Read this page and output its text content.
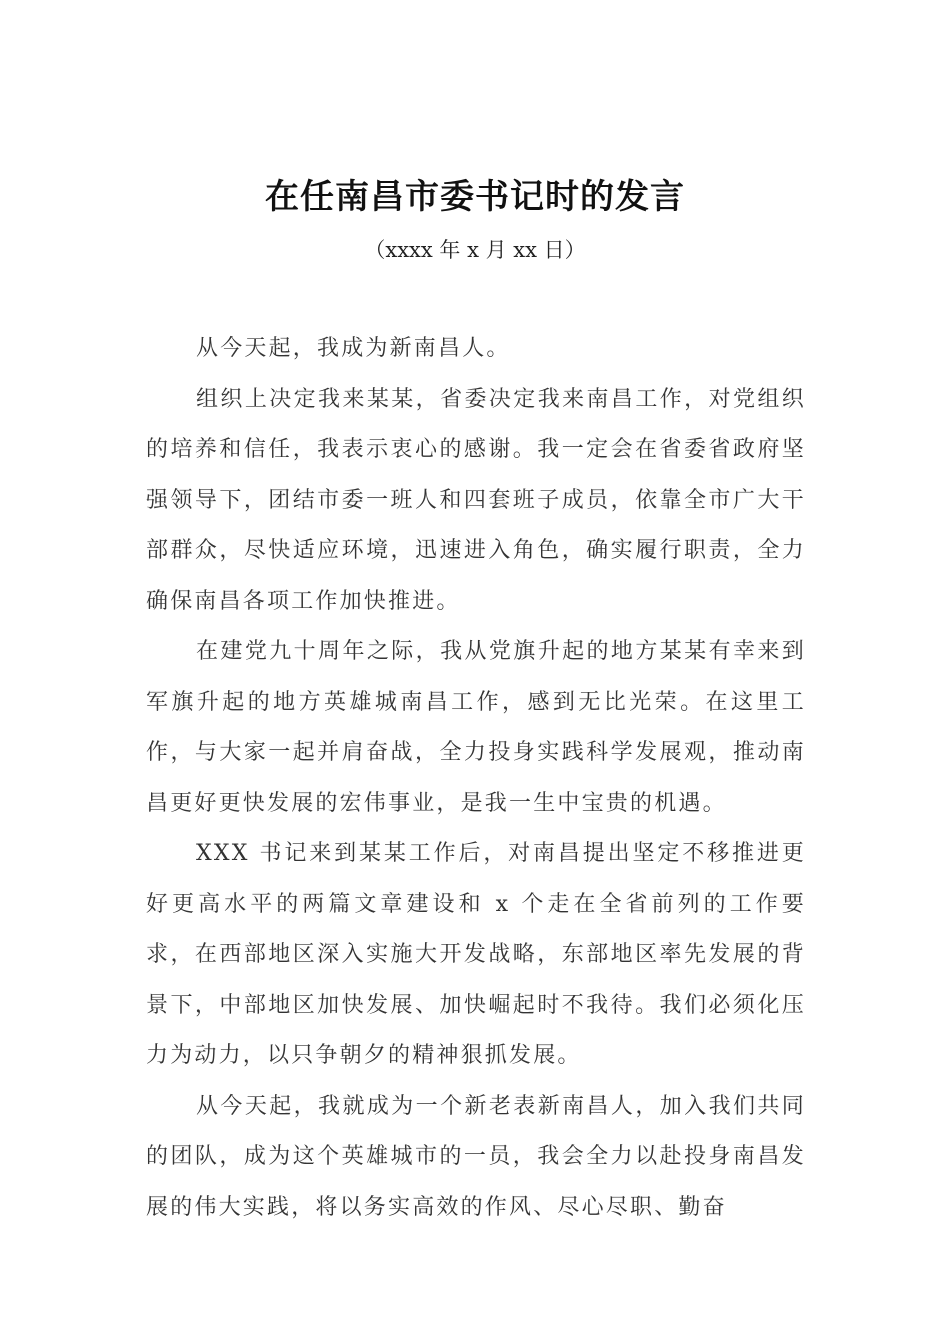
在任南昌市委书记时的发言

（xxxx 年 x 月 xx 日）

从今天起，我成为新南昌人。

组织上决定我来某某，省委决定我来南昌工作，对党组织的培养和信任，我表示衷心的感谢。我一定会在省委省政府坚强领导下，团结市委一班人和四套班子成员，依靠全市广大干部群众，尽快适应环境，迅速进入角色，确实履行职责，全力确保南昌各项工作加快推进。

在建党九十周年之际，我从党旗升起的地方某某有幸来到军旗升起的地方英雄城南昌工作，感到无比光荣。在这里工作，与大家一起并肩奋战，全力投身实践科学发展观，推动南昌更好更快发展的宏伟事业，是我一生中宝贵的机遇。

XXX 书记来到某某工作后，对南昌提出坚定不移推进更好更高水平的两篇文章建设和 x 个走在全省前列的工作要求，在西部地区深入实施大开发战略，东部地区率先发展的背景下，中部地区加快发展、加快崛起时不我待。我们必须化压力为动力，以只争朝夕的精神狠抓发展。

从今天起，我就成为一个新老表新南昌人，加入我们共同的团队，成为这个英雄城市的一员，我会全力以赴投身南昌发展的伟大实践，将以务实高效的作风、尽心尽职、勤奋
